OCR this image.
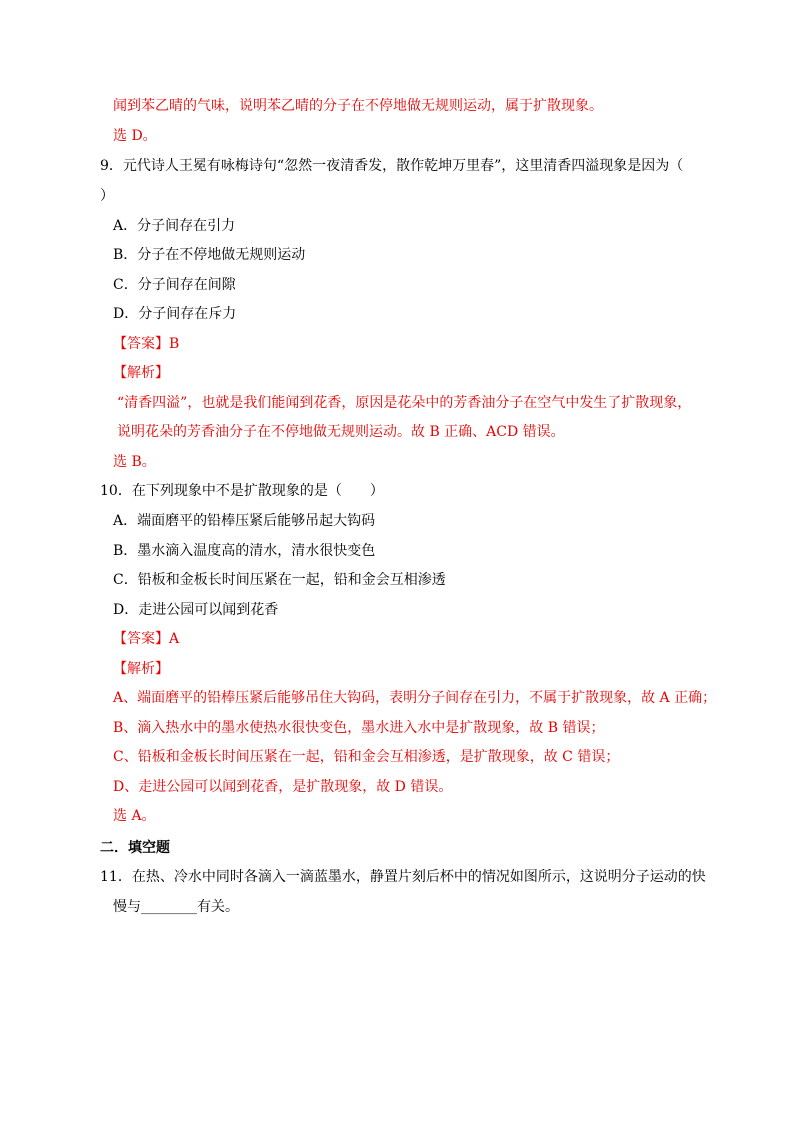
闻到苯乙晴的气味，说明苯乙晴的分子在不停地做无规则运动，属于扩散现象。
选 D。
9．元代诗人王冕有咏梅诗句“忽然一夜清香发，散作乾坤万里春”，这里清香四溢现象是因为（
）
A．分子间存在引力
B．分子在不停地做无规则运动
C．分子间存在间隙
D．分子间存在斥力
【答案】B
【解析】
“清香四溢”，也就是我们能闻到花香，原因是花朵中的芳香油分子在空气中发生了扩散现象，
说明花朵的芳香油分子在不停地做无规则运动。故 B 正确、ACD 错误。
选 B。
10．在下列现象中不是扩散现象的是（　　）
A．端面磨平的铅棒压紧后能够吊起大钩码
B．墨水滴入温度高的清水，清水很快变色
C．铅板和金板长时间压紧在一起，铅和金会互相渗透
D．走进公园可以闻到花香
【答案】A
【解析】
A、端面磨平的铅棒压紧后能够吊住大钩码，表明分子间存在引力，不属于扩散现象，故 A 正确；
B、滴入热水中的墨水使热水很快变色，墨水进入水中是扩散现象，故 B 错误；
C、铅板和金板长时间压紧在一起，铅和金会互相渗透，是扩散现象，故 C 错误；
D、走进公园可以闻到花香，是扩散现象，故 D 错误。
选 A。
二．填空题
11．在热、冷水中同时各滴入一滴蓝墨水，静置片刻后杯中的情况如图所示，这说明分子运动的快
慢与________有关。
